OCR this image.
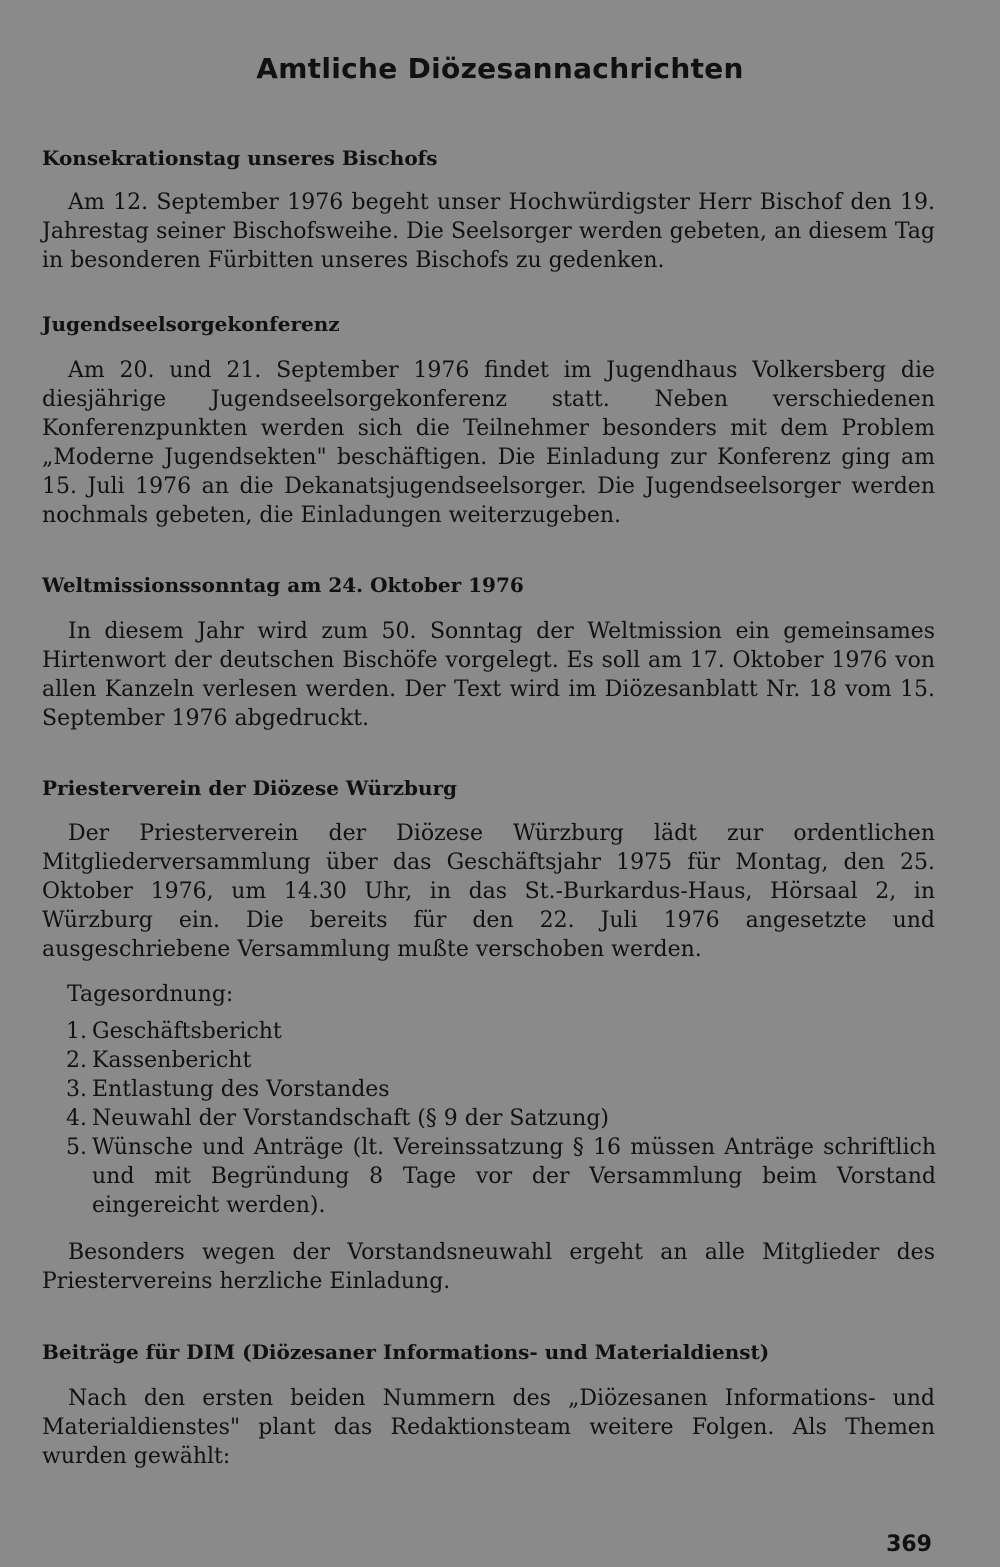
Amtliche Diözesannachrichten
Konsekrationstag unseres Bischofs
Am 12. September 1976 begeht unser Hochwürdigster Herr Bischof den 19. Jahrestag seiner Bischofsweihe. Die Seelsorger werden gebeten, an diesem Tag in besonderen Fürbitten unseres Bischofs zu gedenken.
Jugendseelsorgekonferenz
Am 20. und 21. September 1976 findet im Jugendhaus Volkersberg die diesjährige Jugendseelsorgekonferenz statt. Neben verschiedenen Konferenzpunkten werden sich die Teilnehmer besonders mit dem Problem „Moderne Jugendsekten" beschäftigen. Die Einladung zur Konferenz ging am 15. Juli 1976 an die Dekanatsjugendseelsorger. Die Jugendseelsorger werden nochmals gebeten, die Einladungen weiterzugeben.
Weltmissionssonntag am 24. Oktober 1976
In diesem Jahr wird zum 50. Sonntag der Weltmission ein gemeinsames Hirtenwort der deutschen Bischöfe vorgelegt. Es soll am 17. Oktober 1976 von allen Kanzeln verlesen werden. Der Text wird im Diözesanblatt Nr. 18 vom 15. September 1976 abgedruckt.
Priesterverein der Diözese Würzburg
Der Priesterverein der Diözese Würzburg lädt zur ordentlichen Mitgliederversammlung über das Geschäftsjahr 1975 für Montag, den 25. Oktober 1976, um 14.30 Uhr, in das St.-Burkardus-Haus, Hörsaal 2, in Würzburg ein. Die bereits für den 22. Juli 1976 angesetzte und ausgeschriebene Versammlung mußte verschoben werden.
Tagesordnung:
1. Geschäftsbericht
2. Kassenbericht
3. Entlastung des Vorstandes
4. Neuwahl der Vorstandschaft (§ 9 der Satzung)
5. Wünsche und Anträge (lt. Vereinssatzung § 16 müssen Anträge schriftlich und mit Begründung 8 Tage vor der Versammlung beim Vorstand eingereicht werden).
Besonders wegen der Vorstandsneuwahl ergeht an alle Mitglieder des Priestervereins herzliche Einladung.
Beiträge für DIM (Diözesaner Informations- und Materialdienst)
Nach den ersten beiden Nummern des „Diözesanen Informations- und Materialdienstes" plant das Redaktionsteam weitere Folgen. Als Themen wurden gewählt:
369
